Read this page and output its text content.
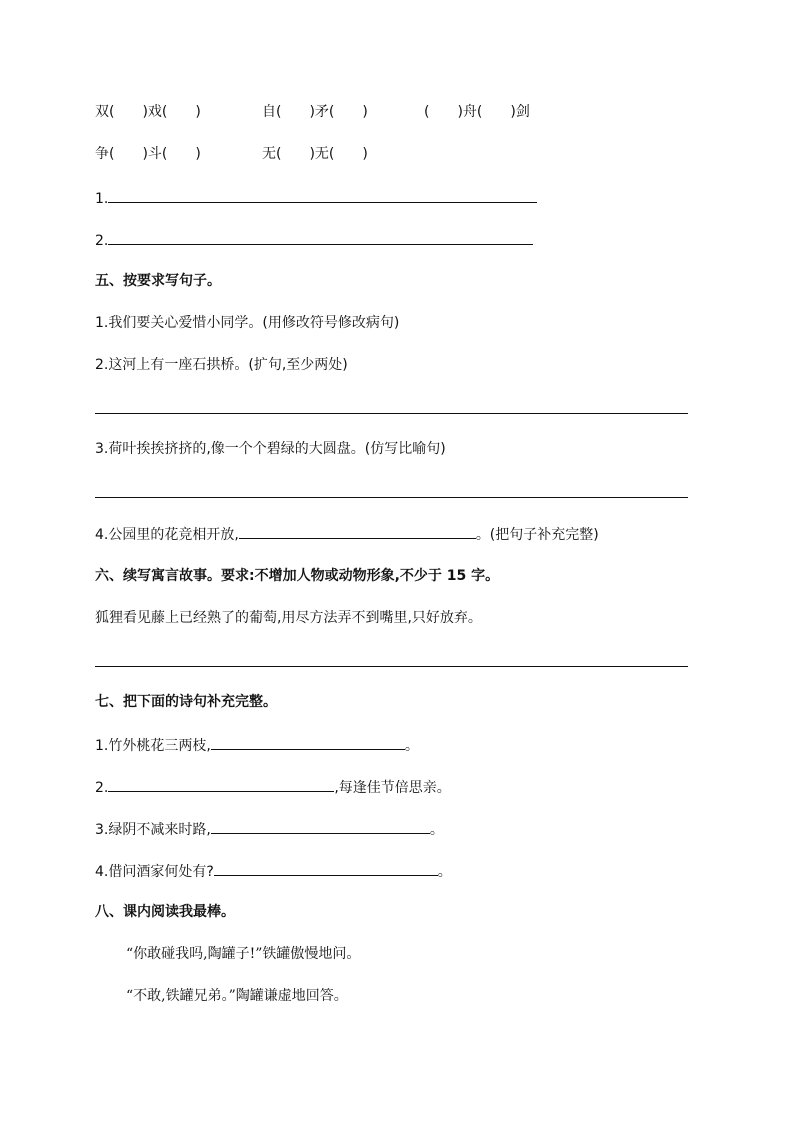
双(　　)戏(　　)	自(　　)矛(　　)	(　　)舟(　　)剑
争(　　)斗(　　)	无(　　)无(　　)
1.
2.
五、按要求写句子。
1.我们要关心爱惜小同学。(用修改符号修改病句)
2.这河上有一座石拱桥。(扩句,至少两处)
3.荷叶挨挨挤挤的,像一个个碧绿的大圆盘。(仿写比喻句)
4.公园里的花竞相开放,	。(把句子补充完整)
六、续写寓言故事。要求:不增加人物或动物形象,不少于 15 字。
狐狸看见藤上已经熟了的葡萄,用尽方法弄不到嘴里,只好放弃。
七、把下面的诗句补充完整。
1.竹外桃花三两枝,	。
2.	,每逢佳节倍思亲。
3.绿阴不减来时路,	。
4.借问酒家何处有?	。
八、课内阅读我最棒。
“你敢碰我吗,陶罐子!”铁罐傲慢地问。
“不敢,铁罐兄弟。”陶罐谦虚地回答。
